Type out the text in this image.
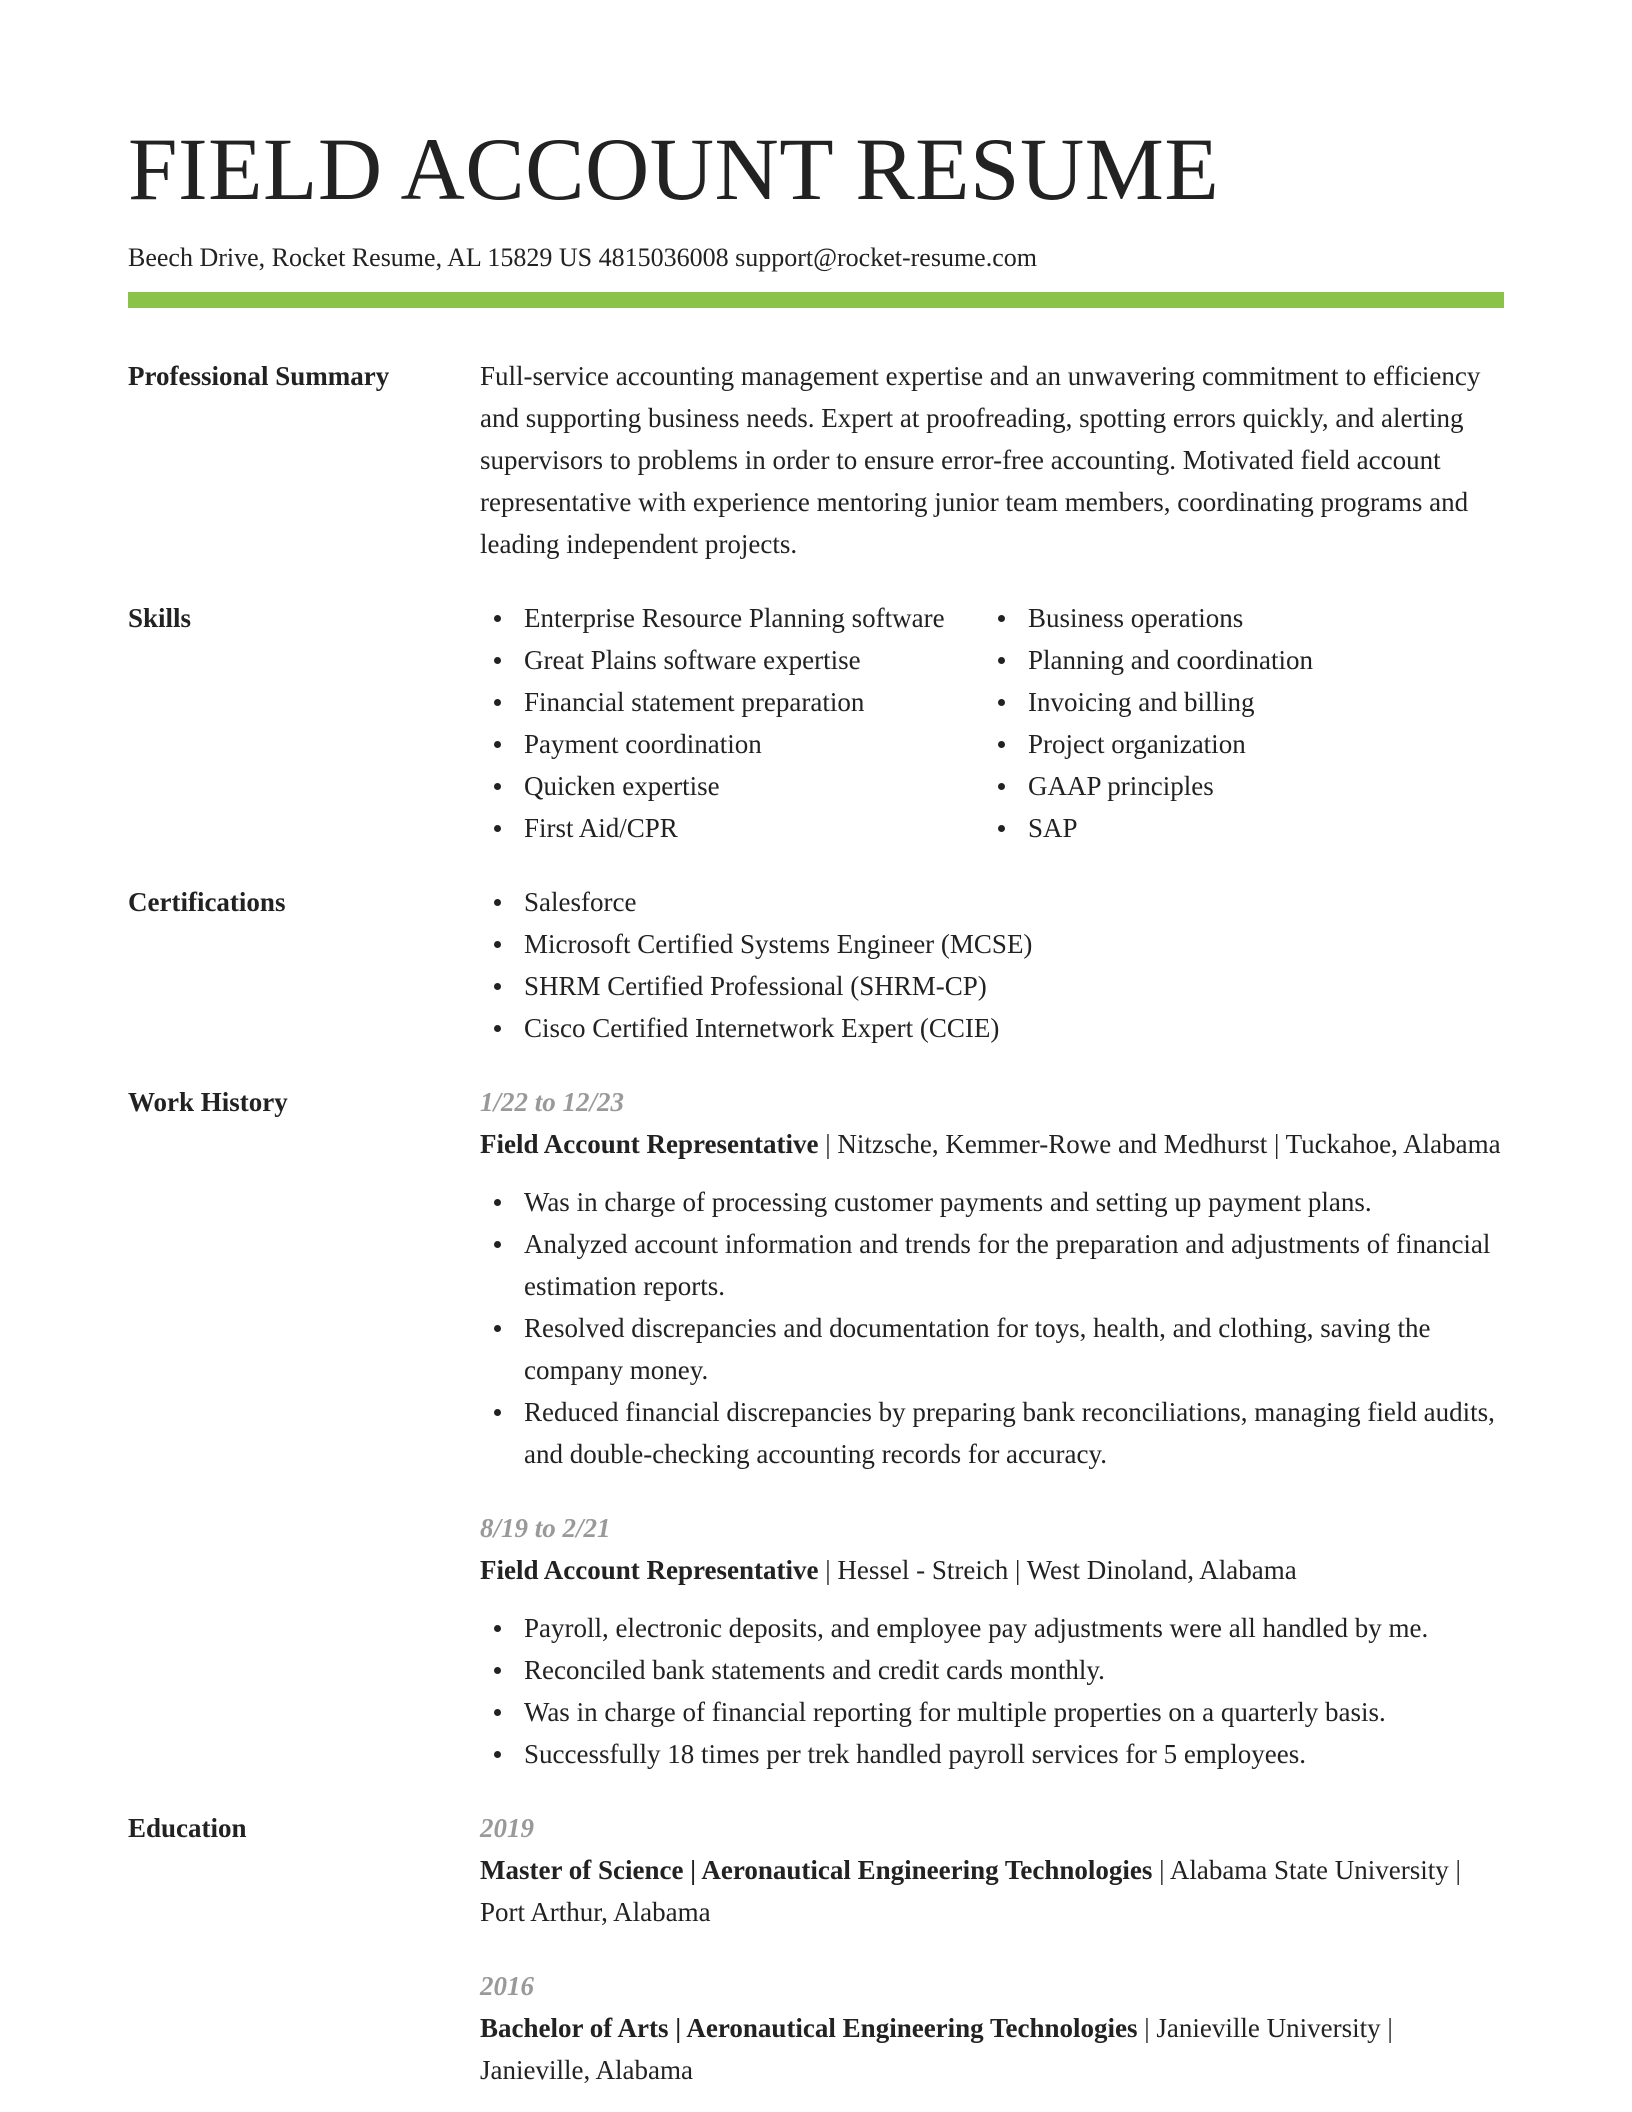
FIELD ACCOUNT RESUME
Beech Drive, Rocket Resume, AL 15829 US 4815036008 support@rocket-resume.com
Professional Summary	Full-service accounting management expertise and an unwavering commitment to efficiency and supporting business needs. Expert at proofreading, spotting errors quickly, and alerting supervisors to problems in order to ensure error-free accounting. Motivated field account representative with experience mentoring junior team members, coordinating programs and leading independent projects.

Skills	Enterprise Resource Planning software
Great Plains software expertise
Financial statement preparation
Payment coordination
Quicken expertise
First Aid/CPR
Business operations
Planning and coordination
Invoicing and billing
Project organization
GAAP principles
SAP
Certifications	Salesforce
Microsoft Certified Systems Engineer (MCSE)
SHRM Certified Professional (SHRM-CP)
Cisco Certified Internetwork Expert (CCIE)
Work History	1/22 to 12/23
Field Account Representative | Nitzsche, Kemmer-Rowe and Medhurst | Tuckahoe, Alabama
Was in charge of processing customer payments and setting up payment plans.
Analyzed account information and trends for the preparation and adjustments of financial estimation reports.
Resolved discrepancies and documentation for toys, health, and clothing, saving the company money.
Reduced financial discrepancies by preparing bank reconciliations, managing field audits, and double-checking accounting records for accuracy.
8/19 to 2/21
Field Account Representative | Hessel - Streich | West Dinoland, Alabama
Payroll, electronic deposits, and employee pay adjustments were all handled by me.
Reconciled bank statements and credit cards monthly.
Was in charge of financial reporting for multiple properties on a quarterly basis.
Successfully 18 times per trek handled payroll services for 5 employees.
Education	2019
Master of Science | Aeronautical Engineering Technologies | Alabama State University | Port Arthur, Alabama
2016
Bachelor of Arts | Aeronautical Engineering Technologies | Janieville University | Janieville, Alabama
